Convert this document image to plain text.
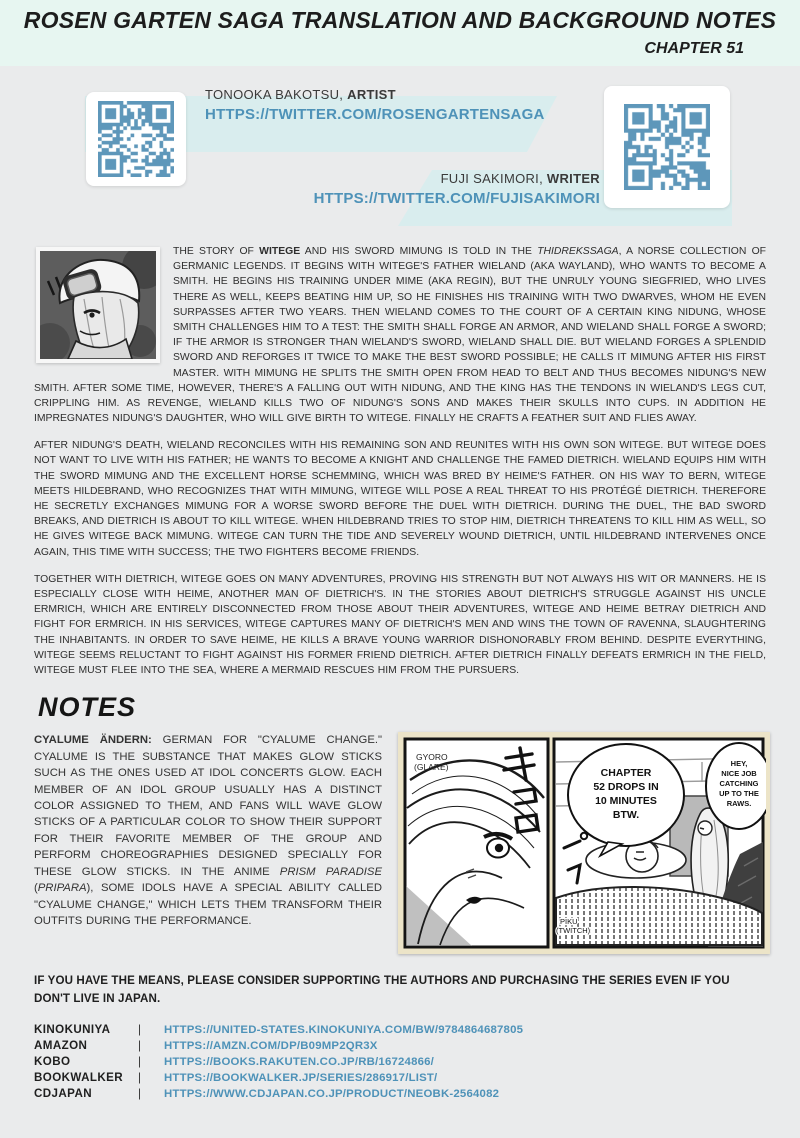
ROSEN GARTEN SAGA TRANSLATION AND BACKGROUND NOTES
CHAPTER 51
TONOOKA BAKOTSU, ARTIST
HTTPS://TWITTER.COM/ROSENGARTENSAGA
FUJI SAKIMORI, WRITER
HTTPS://TWITTER.COM/FUJISAKIMORI

THE STORY OF WITEGE AND HIS SWORD MIMUNG IS TOLD IN THE THIDREKSSAGA, A NORSE COLLECTION OF GERMANIC LEGENDS. IT BEGINS WITH WITEGE'S FATHER WIELAND (AKA WAYLAND), WHO WANTS TO BECOME A SMITH. HE BEGINS HIS TRAINING UNDER MIME (AKA REGIN), BUT THE UNRULY YOUNG SIEGFRIED, WHO LIVES THERE AS WELL, KEEPS BEATING HIM UP, SO HE FINISHES HIS TRAINING WITH TWO DWARVES, WHOM HE EVEN SURPASSES AFTER TWO YEARS. THEN WIELAND COMES TO THE COURT OF A CERTAIN KING NIDUNG, WHOSE SMITH CHALLENGES HIM TO A TEST: THE SMITH SHALL FORGE AN ARMOR, AND WIELAND SHALL FORGE A SWORD; IF THE ARMOR IS STRONGER THAN WIELAND'S SWORD, WIELAND SHALL DIE. BUT WIELAND FORGES A SPLENDID SWORD AND REFORGES IT TWICE TO MAKE THE BEST SWORD POSSIBLE; HE CALLS IT MIMUNG AFTER HIS FIRST MASTER. WITH MIMUNG HE SPLITS THE SMITH OPEN FROM HEAD TO BELT AND THUS BECOMES NIDUNG'S NEW SMITH. AFTER SOME TIME, HOWEVER, THERE'S A FALLING OUT WITH NIDUNG, AND THE KING HAS THE TENDONS IN WIELAND'S LEGS CUT, CRIPPLING HIM. AS REVENGE, WIELAND KILLS TWO OF NIDUNG'S SONS AND MAKES THEIR SKULLS INTO CUPS. IN ADDITION HE IMPREGNATES NIDUNG'S DAUGHTER, WHO WILL GIVE BIRTH TO WITEGE. FINALLY HE CRAFTS A FEATHER SUIT AND FLIES AWAY.

AFTER NIDUNG'S DEATH, WIELAND RECONCILES WITH HIS REMAINING SON AND REUNITES WITH HIS OWN SON WITEGE. BUT WITEGE DOES NOT WANT TO LIVE WITH HIS FATHER; HE WANTS TO BECOME A KNIGHT AND CHALLENGE THE FAMED DIETRICH. WIELAND EQUIPS HIM WITH THE SWORD MIMUNG AND THE EXCELLENT HORSE SCHEMMING, WHICH WAS BRED BY HEIME'S FATHER. ON HIS WAY TO BERN, WITEGE MEETS HILDEBRAND, WHO RECOGNIZES THAT WITH MIMUNG, WITEGE WILL POSE A REAL THREAT TO HIS PROTÉGÉ DIETRICH. THEREFORE HE SECRETLY EXCHANGES MIMUNG FOR A WORSE SWORD BEFORE THE DUEL WITH DIETRICH. DURING THE DUEL, THE BAD SWORD BREAKS, AND DIETRICH IS ABOUT TO KILL WITEGE. WHEN HILDEBRAND TRIES TO STOP HIM, DIETRICH THREATENS TO KILL HIM AS WELL, SO HE GIVES WITEGE BACK MIMUNG. WITEGE CAN TURN THE TIDE AND SEVERELY WOUND DIETRICH, UNTIL HILDEBRAND INTERVENES ONCE AGAIN, THIS TIME WITH SUCCESS; THE TWO FIGHTERS BECOME FRIENDS.

TOGETHER WITH DIETRICH, WITEGE GOES ON MANY ADVENTURES, PROVING HIS STRENGTH BUT NOT ALWAYS HIS WIT OR MANNERS. HE IS ESPECIALLY CLOSE WITH HEIME, ANOTHER MAN OF DIETRICH'S. IN THE STORIES ABOUT DIETRICH'S STRUGGLE AGAINST HIS UNCLE ERMRICH, WHICH ARE ENTIRELY DISCONNECTED FROM THOSE ABOUT THEIR ADVENTURES, WITEGE AND HEIME BETRAY DIETRICH AND FIGHT FOR ERMRICH. IN HIS SERVICES, WITEGE CAPTURES MANY OF DIETRICH'S MEN AND WINS THE TOWN OF RAVENNA, SLAUGHTERING THE INHABITANTS. IN ORDER TO SAVE HEIME, HE KILLS A BRAVE YOUNG WARRIOR DISHONORABLY FROM BEHIND. DESPITE EVERYTHING, WITEGE SEEMS RELUCTANT TO FIGHT AGAINST HIS FORMER FRIEND DIETRICH. AFTER DIETRICH FINALLY DEFEATS ERMRICH IN THE FIELD, WITEGE MUST FLEE INTO THE SEA, WHERE A MERMAID RESCUES HIM FROM THE PURSUERS.

NOTES
CYALUME ÄNDERN: GERMAN FOR "CYALUME CHANGE." CYALUME IS THE SUBSTANCE THAT MAKES GLOW STICKS SUCH AS THE ONES USED AT IDOL CONCERTS GLOW. EACH MEMBER OF AN IDOL GROUP USUALLY HAS A DISTINCT COLOR ASSIGNED TO THEM, AND FANS WILL WAVE GLOW STICKS OF A PARTICULAR COLOR TO SHOW THEIR SUPPORT FOR THEIR FAVORITE MEMBER OF THE GROUP AND PERFORM CHOREOGRAPHIES DESIGNED SPECIALLY FOR THESE GLOW STICKS. IN THE ANIME PRISM PARADISE (PRIPARA), SOME IDOLS HAVE A SPECIAL ABILITY CALLED "CYALUME CHANGE," WHICH LETS THEM TRANSFORM THEIR OUTFITS DURING THE PERFORMANCE.
GYORO
(GLARE)
PIKU
(TWITCH)
CHAPTER
52 DROPS IN
10 MINUTES
BTW.
HEY,
NICE JOB
CATCHING
UP TO THE
RAWS.
IF YOU HAVE THE MEANS, PLEASE CONSIDER SUPPORTING THE AUTHORS AND PURCHASING THE SERIES EVEN IF YOU DON'T LIVE IN JAPAN.
KINOKUNIYA	|	HTTPS://UNITED-STATES.KINOKUNIYA.COM/BW/9784864687805
AMAZON	|	HTTPS://AMZN.COM/DP/B09MP2QR3X
KOBO	|	HTTPS://BOOKS.RAKUTEN.CO.JP/RB/16724866/
BOOKWALKER	|	HTTPS://BOOKWALKER.JP/SERIES/286917/LIST/
CDJAPAN	|	HTTPS://WWW.CDJAPAN.CO.JP/PRODUCT/NEOBK-2564082
